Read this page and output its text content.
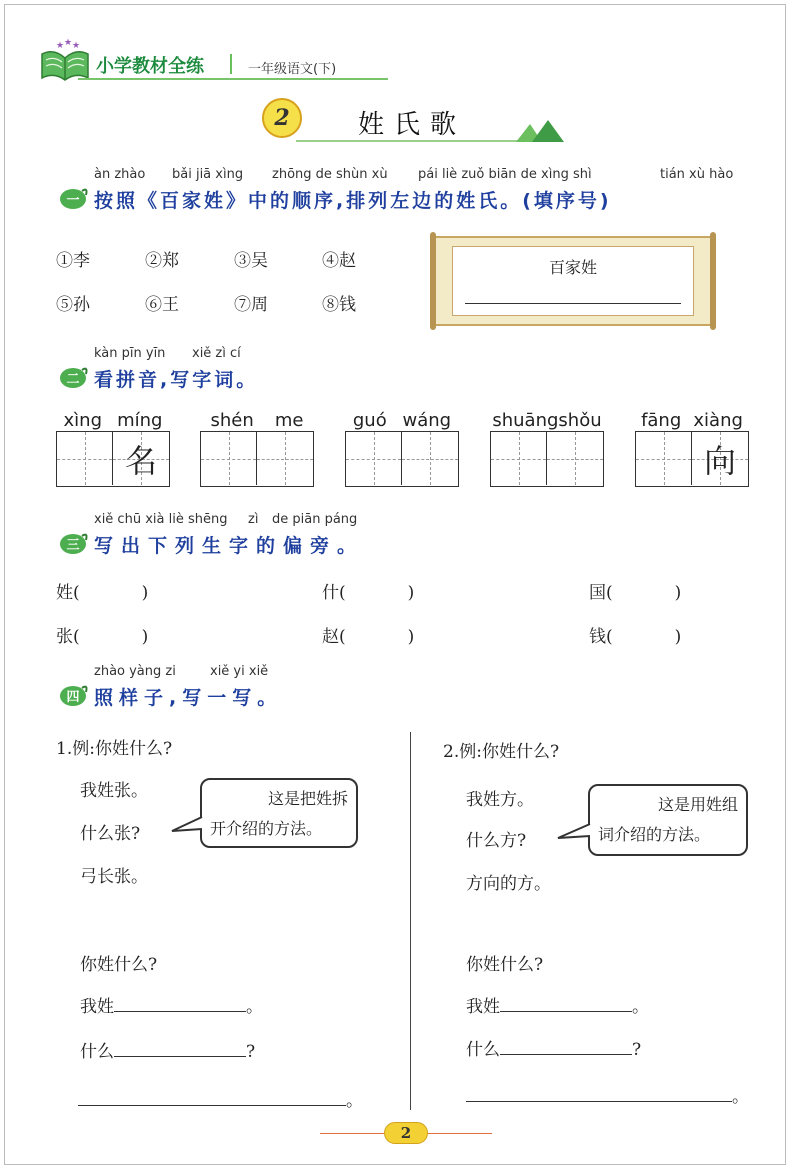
★ ★ ★
小学教材全练	一年级语文(下)
2	姓氏歌
àn zhào bǎi jiā xìng zhōng de shùn xù pái liè zuǒ biān de xìng shì	tián xù hào
一 按照《百家姓》中的顺序,排列左边的姓氏。(填序号)
①李	②郑	③吴	④赵
⑤孙	⑥王	⑦周	⑧钱
百家姓
kàn pīn yīn xiě zì cí
二 看拼音,写字词。
xìng míng
名
shén me	guó wáng shuāng shǒu fāng xiàng
向
xiě chū xià liè shēng zì de piān páng
三 写出下列生字的偏旁。
姓(	)	什(	)	国(	)
张(	)	赵(	)	钱(	)
zhào yàng zi	xiě yi xiě
四 照样子,写一写。
1.例:你姓什么?
我姓张。
什么张?
弓长张。
这是把姓拆
开介绍的方法。
你姓什么?
我姓	。
什么	?
。
2.例:你姓什么?
我姓方。
什么方?
方向的方。
这是用姓组
词介绍的方法。
你姓什么?
我姓	。
什么	?
。
2
